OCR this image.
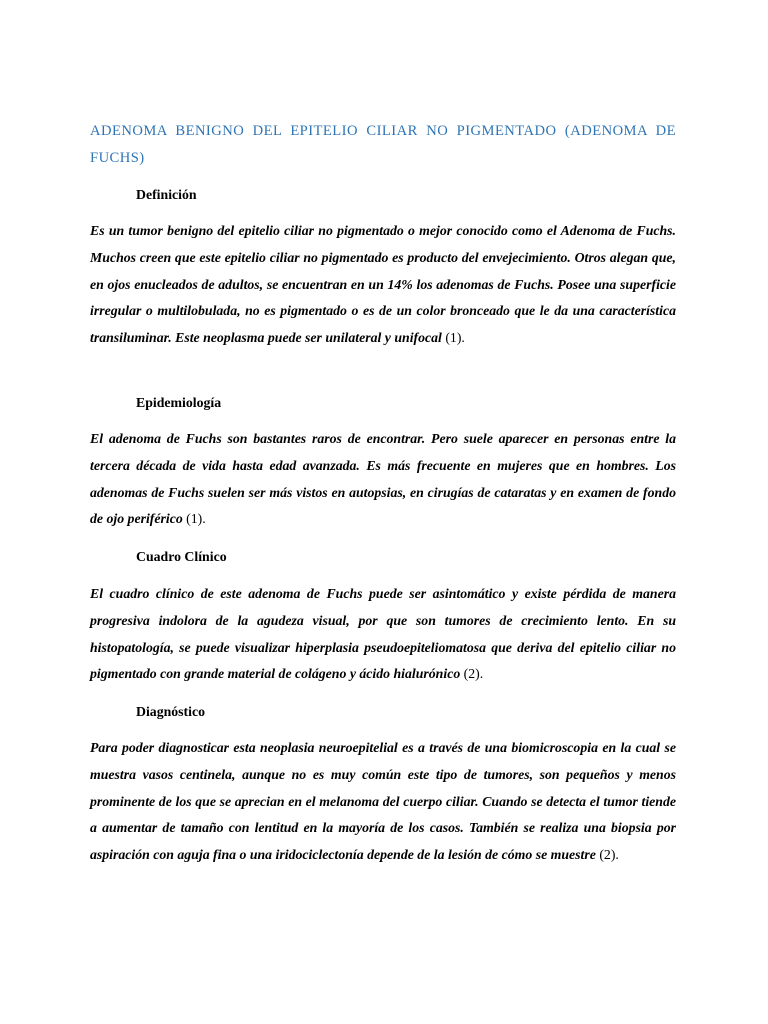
ADENOMA BENIGNO DEL EPITELIO CILIAR NO PIGMENTADO (ADENOMA DE FUCHS)
Definición

Es un tumor benigno del epitelio ciliar no pigmentado o mejor conocido como el Adenoma de Fuchs. Muchos creen que este epitelio ciliar no pigmentado es producto del envejecimiento. Otros alegan que, en ojos enucleados de adultos, se encuentran en un 14% los adenomas de Fuchs. Posee una superficie irregular o multilobulada, no es pigmentado o es de un color bronceado que le da una característica transiluminar. Este neoplasma puede ser unilateral y unifocal (1).

Epidemiología

El adenoma de Fuchs son bastantes raros de encontrar. Pero suele aparecer en personas entre la tercera década de vida hasta edad avanzada. Es más frecuente en mujeres que en hombres. Los adenomas de Fuchs suelen ser más vistos en autopsias, en cirugías de cataratas y en examen de fondo de ojo periférico (1).

Cuadro Clínico

El cuadro clínico de este adenoma de Fuchs puede ser asintomático y existe pérdida de manera progresiva indolora de la agudeza visual, por que son tumores de crecimiento lento. En su histopatología, se puede visualizar hiperplasia pseudoepiteliomatosa que deriva del epitelio ciliar no pigmentado con grande material de colágeno y ácido hialurónico (2).

Diagnóstico

Para poder diagnosticar esta neoplasia neuroepitelial es a través de una biomicroscopia en la cual se muestra vasos centinela, aunque no es muy común este tipo de tumores, son pequeños y menos prominente de los que se aprecian en el melanoma del cuerpo ciliar. Cuando se detecta el tumor tiende a aumentar de tamaño con lentitud en la mayoría de los casos. También se realiza una biopsia por aspiración con aguja fina o una iridociclectonía depende de la lesión de cómo se muestre (2).
